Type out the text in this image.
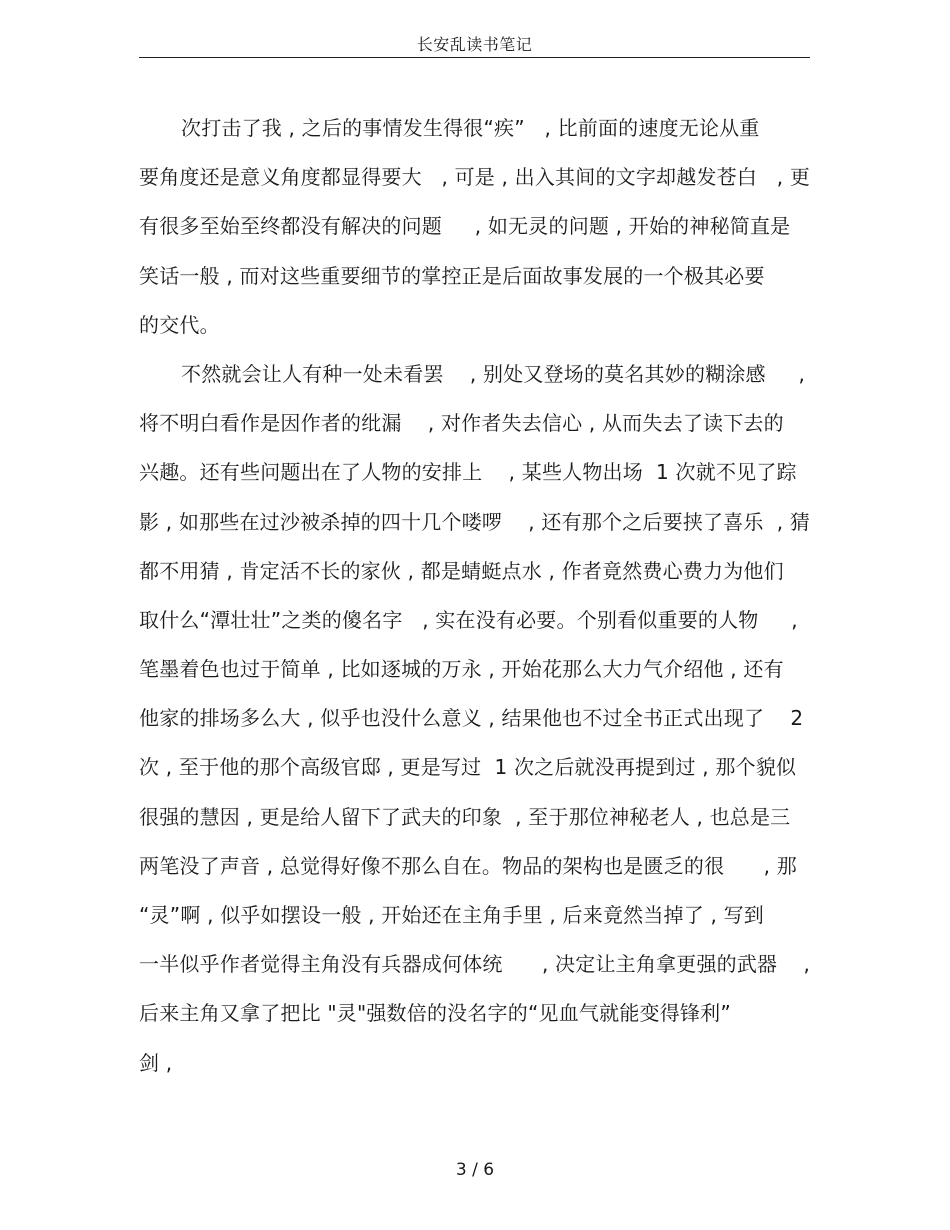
长安乱读书笔记
次打击了我 , 之后的事情发生得很“疾”   , 比前面的速度无论从重
要角度还是意义角度都显得要大   , 可是 , 出入其间的文字却越发苍白   , 更
有很多至始至终都没有解决的问题     , 如无灵的问题 , 开始的神秘简直是
笑话一般 , 而对这些重要细节的掌控正是后面故事发展的一个极其必要
的交代。
不然就会让人有种一处未看罢    , 别处又登场的莫名其妙的糊涂感     ,
将不明白看作是因作者的纰漏    , 对作者失去信心 , 从而失去了读下去的
兴趣。还有些问题出在了人物的安排上    , 某些人物出场  1 次就不见了踪
影 , 如那些在过沙被杀掉的四十几个喽啰    , 还有那个之后要挟了喜乐  , 猜
都不用猜 , 肯定活不长的家伙 , 都是蜻蜓点水 , 作者竟然费心费力为他们
取什么“潭壮壮”之类的傻名字   , 实在没有必要。个别看似重要的人物     ,
笔墨着色也过于简单 , 比如逐城的万永 , 开始花那么大力气介绍他 , 还有
他家的排场多么大 , 似乎也没什么意义 , 结果他也不过全书正式出现了    2
次 , 至于他的那个高级官邸 , 更是写过  1 次之后就没再提到过 , 那个貌似
很强的慧因 , 更是给人留下了武夫的印象  , 至于那位神秘老人 , 也总是三
两笔没了声音 , 总觉得好像不那么自在。物品的架构也是匮乏的很      , 那
“灵”啊 , 似乎如摆设一般 , 开始还在主角手里 , 后来竟然当掉了 , 写到
一半似乎作者觉得主角没有兵器成何体统      , 决定让主角拿更强的武器    ,
后来主角又拿了把比 "灵"强数倍的没名字的“见血气就能变得锋利”
剑 ,
3 / 6
